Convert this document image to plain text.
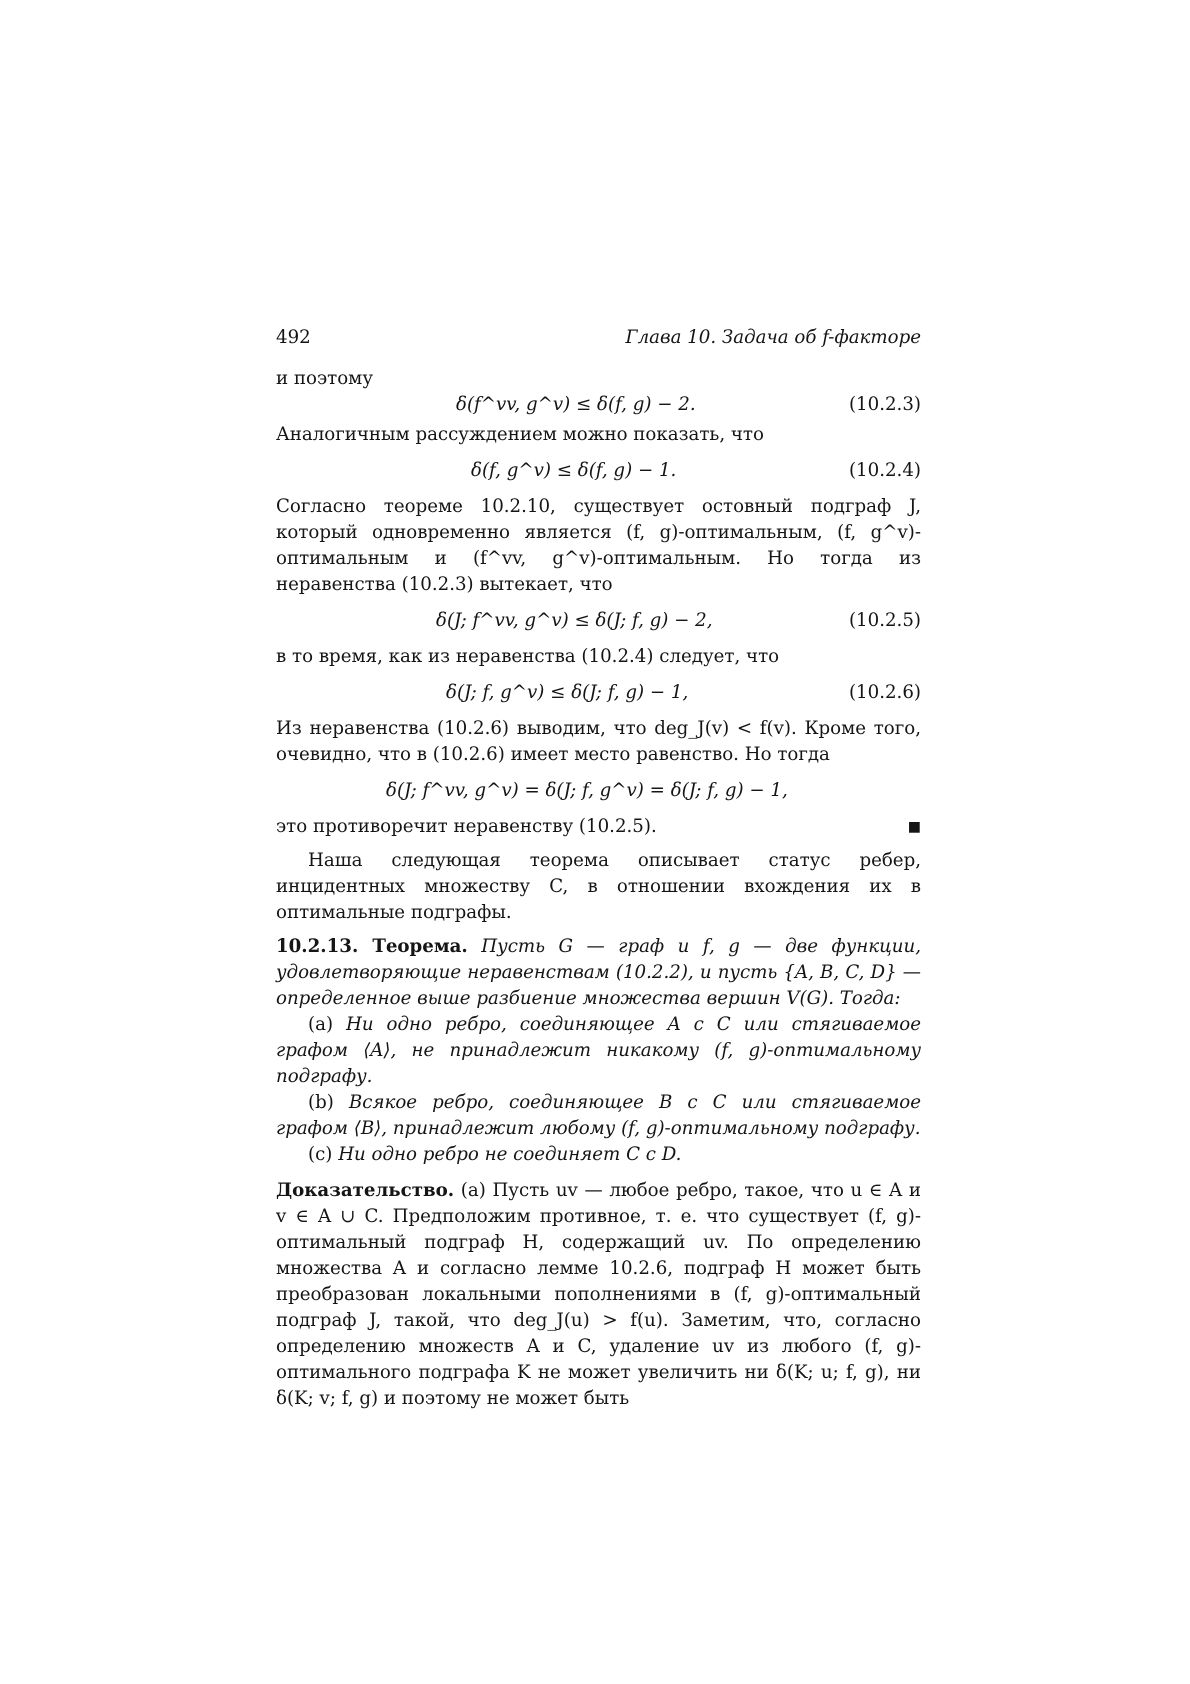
492	Глава 10. Задача об f-факторе

и поэтому

δ(f^vv, g^v) ≤ δ(f, g) − 2.	(10.2.3)

Аналогичным рассуждением можно показать, что

δ(f, g^v) ≤ δ(f, g) − 1.	(10.2.4)

Согласно теореме 10.2.10, существует остовный подграф J, который одновременно является (f, g)-оптимальным, (f, g^v)-оптимальным и (f^vv, g^v)-оптимальным. Но тогда из неравенства (10.2.3) вытекает, что

δ(J; f^vv, g^v) ≤ δ(J; f, g) − 2,	(10.2.5)

в то время, как из неравенства (10.2.4) следует, что

δ(J; f, g^v) ≤ δ(J; f, g) − 1,	(10.2.6)

Из неравенства (10.2.6) выводим, что deg_J(v) < f(v). Кроме того, очевидно, что в (10.2.6) имеет место равенство. Но тогда

δ(J; f^vv, g^v) = δ(J; f, g^v) = δ(J; f, g) − 1,

это противоречит неравенству (10.2.5).	■

Наша следующая теорема описывает статус ребер, инцидентных множеству C, в отношении вхождения их в оптимальные подграфы.

10.2.13. Теорема. Пусть G — граф и f, g — две функции, удовлетворяющие неравенствам (10.2.2), и пусть {A, B, C, D} — определенное выше разбиение множества вершин V(G). Тогда:

(a) Ни одно ребро, соединяющее A с C или стягиваемое графом ⟨A⟩, не принадлежит никакому (f, g)-оптимальному подграфу.

(b) Всякое ребро, соединяющее B с C или стягиваемое графом ⟨B⟩, принадлежит любому (f, g)-оптимальному подграфу.

(c) Ни одно ребро не соединяет C с D.

Доказательство. (a) Пусть uv — любое ребро, такое, что u ∈ A и v ∈ A ∪ C. Предположим противное, т. е. что существует (f, g)-оптимальный подграф H, содержащий uv. По определению множества A и согласно лемме 10.2.6, подграф H может быть преобразован локальными пополнениями в (f, g)-оптимальный подграф J, такой, что deg_J(u) > f(u). Заметим, что, согласно определению множеств A и C, удаление uv из любого (f, g)-оптимального подграфа K не может увеличить ни δ(K; u; f, g), ни δ(K; v; f, g) и поэтому не может быть
